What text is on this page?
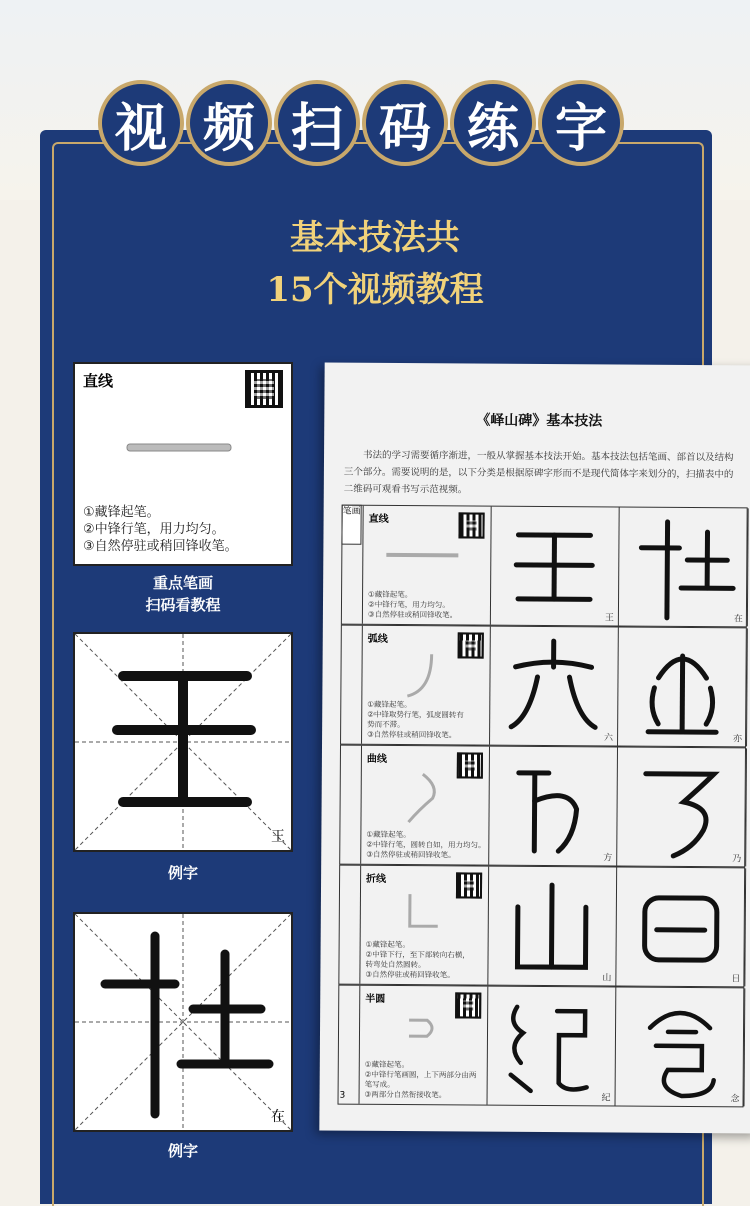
视 频 扫 码 练 字
基本技法共
15个视频教程
直线
①藏锋起笔。
②中锋行笔，用力均匀。
③自然停驻或稍回锋收笔。
重点笔画
扫码看教程
王
例字
在
例字
《峄山碑》基本技法
书法的学习需要循序渐进，一般从掌握基本技法开始。基本技法包括笔画、部首以及结构三个部分。需要说明的是，以下分类是根据原碑字形而不是现代简体字来划分的，扫描表中的二维码可观看书写示范视频。
笔画
直线
①藏锋起笔。
②中锋行笔，用力均匀。
③自然停驻或稍回锋收笔。	王	在
弧线
①藏锋起笔。
②中锋取势行笔，弧度圆转有
势而不滞。
③自然停驻或稍回锋收笔。	六	亦
曲线
①藏锋起笔。
②中锋行笔，圆转自如，用力均匀。
③自然停驻或稍回锋收笔。	方	乃
折线
①藏锋起笔。
②中锋下行，至下部转向右横，
转弯处自然圆转。
③自然停驻或稍回锋收笔。	山	日
半圆
①藏锋起笔。
②中锋行笔画圆，上下两部分由两
笔写成。
③两部分自然衔接收笔。	紀	念
3
